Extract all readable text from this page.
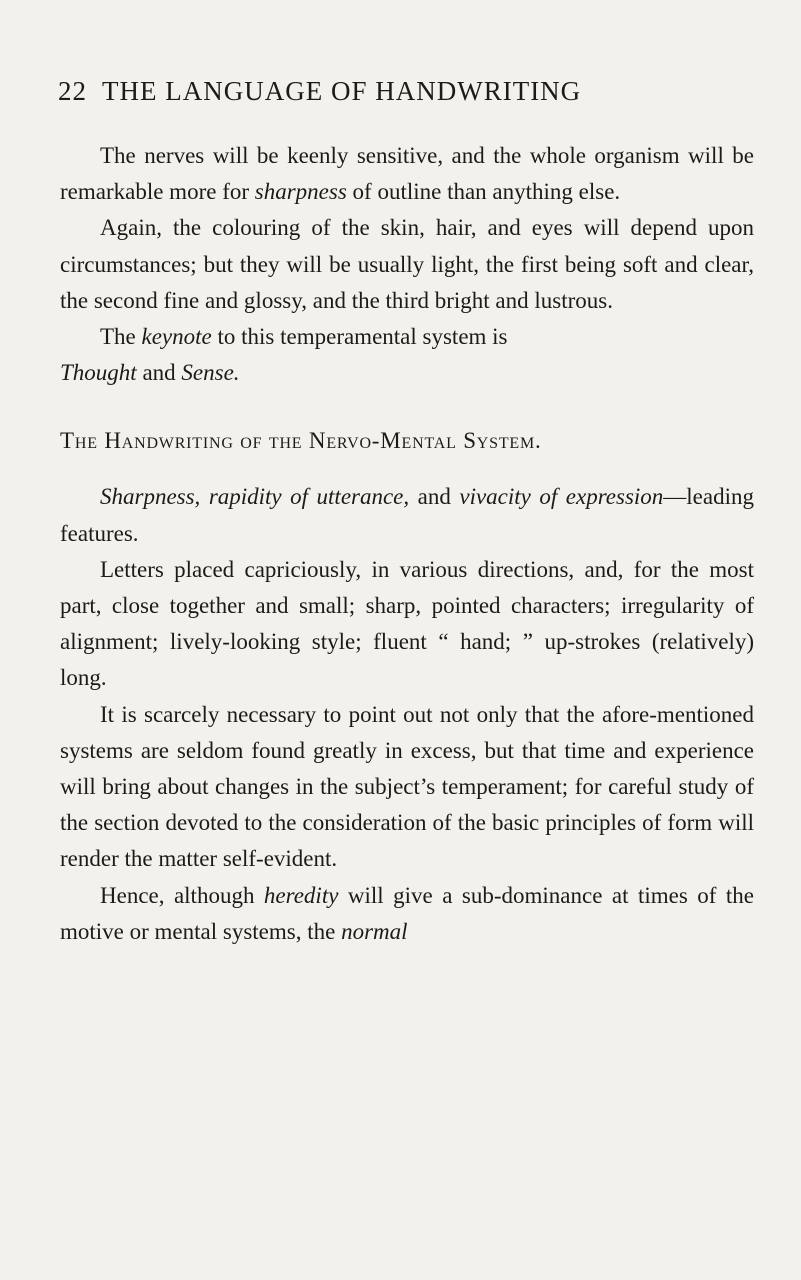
22 THE LANGUAGE OF HANDWRITING

The nerves will be keenly sensitive, and the whole organism will be remarkable more for sharpness of outline than anything else.

Again, the colouring of the skin, hair, and eyes will depend upon circumstances; but they will be usually light, the first being soft and clear, the second fine and glossy, and the third bright and lustrous.

The keynote to this temperamental system is
Thought and Sense.

The Handwriting of the Nervo-Mental System.

Sharpness, rapidity of utterance, and vivacity of expression—leading features.

Letters placed capriciously, in various directions, and, for the most part, close together and small; sharp, pointed characters; irregularity of alignment; lively-looking style; fluent “ hand; ” up-strokes (relatively) long.

It is scarcely necessary to point out not only that the afore-mentioned systems are seldom found greatly in excess, but that time and experience will bring about changes in the subject’s temperament; for careful study of the section devoted to the consideration of the basic principles of form will render the matter self-evident.

Hence, although heredity will give a sub-dominance at times of the motive or mental systems, the normal
